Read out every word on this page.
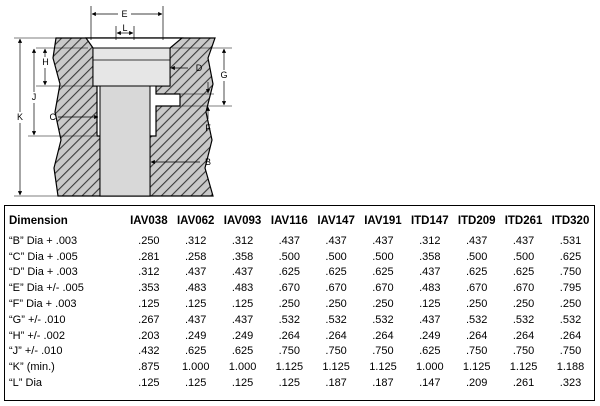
E
L
H
J
K	C
D
G
F
B
Dimension	IAV038	IAV062	IAV093	IAV116	IAV147	IAV191	ITD147	ITD209	ITD261	ITD320
“B” Dia + .003	.250	.312	.312	.437	.437	.437	.312	.437	.437	.531
“C” Dia + .005	.281	.258	.358	.500	.500	.500	.358	.500	.500	.625
“D” Dia + .003	.312	.437	.437	.625	.625	.625	.437	.625	.625	.750
“E” Dia +/- .005	.353	.483	.483	.670	.670	.670	.483	.670	.670	.795
“F” Dia + .003	.125	.125	.125	.250	.250	.250	.125	.250	.250	.250
“G” +/- .010	.267	.437	.437	.532	.532	.532	.437	.532	.532	.532
“H” +/- .002	.203	.249	.249	.264	.264	.264	.249	.264	.264	.264
“J” +/- .010	.432	.625	.625	.750	.750	.750	.625	.750	.750	.750
“K” (min.)	.875	1.000	1.000	1.125	1.125	1.125	1.000	1.125	1.125	1.188
“L” Dia	.125	.125	.125	.125	.187	.187	.147	.209	.261	.323
